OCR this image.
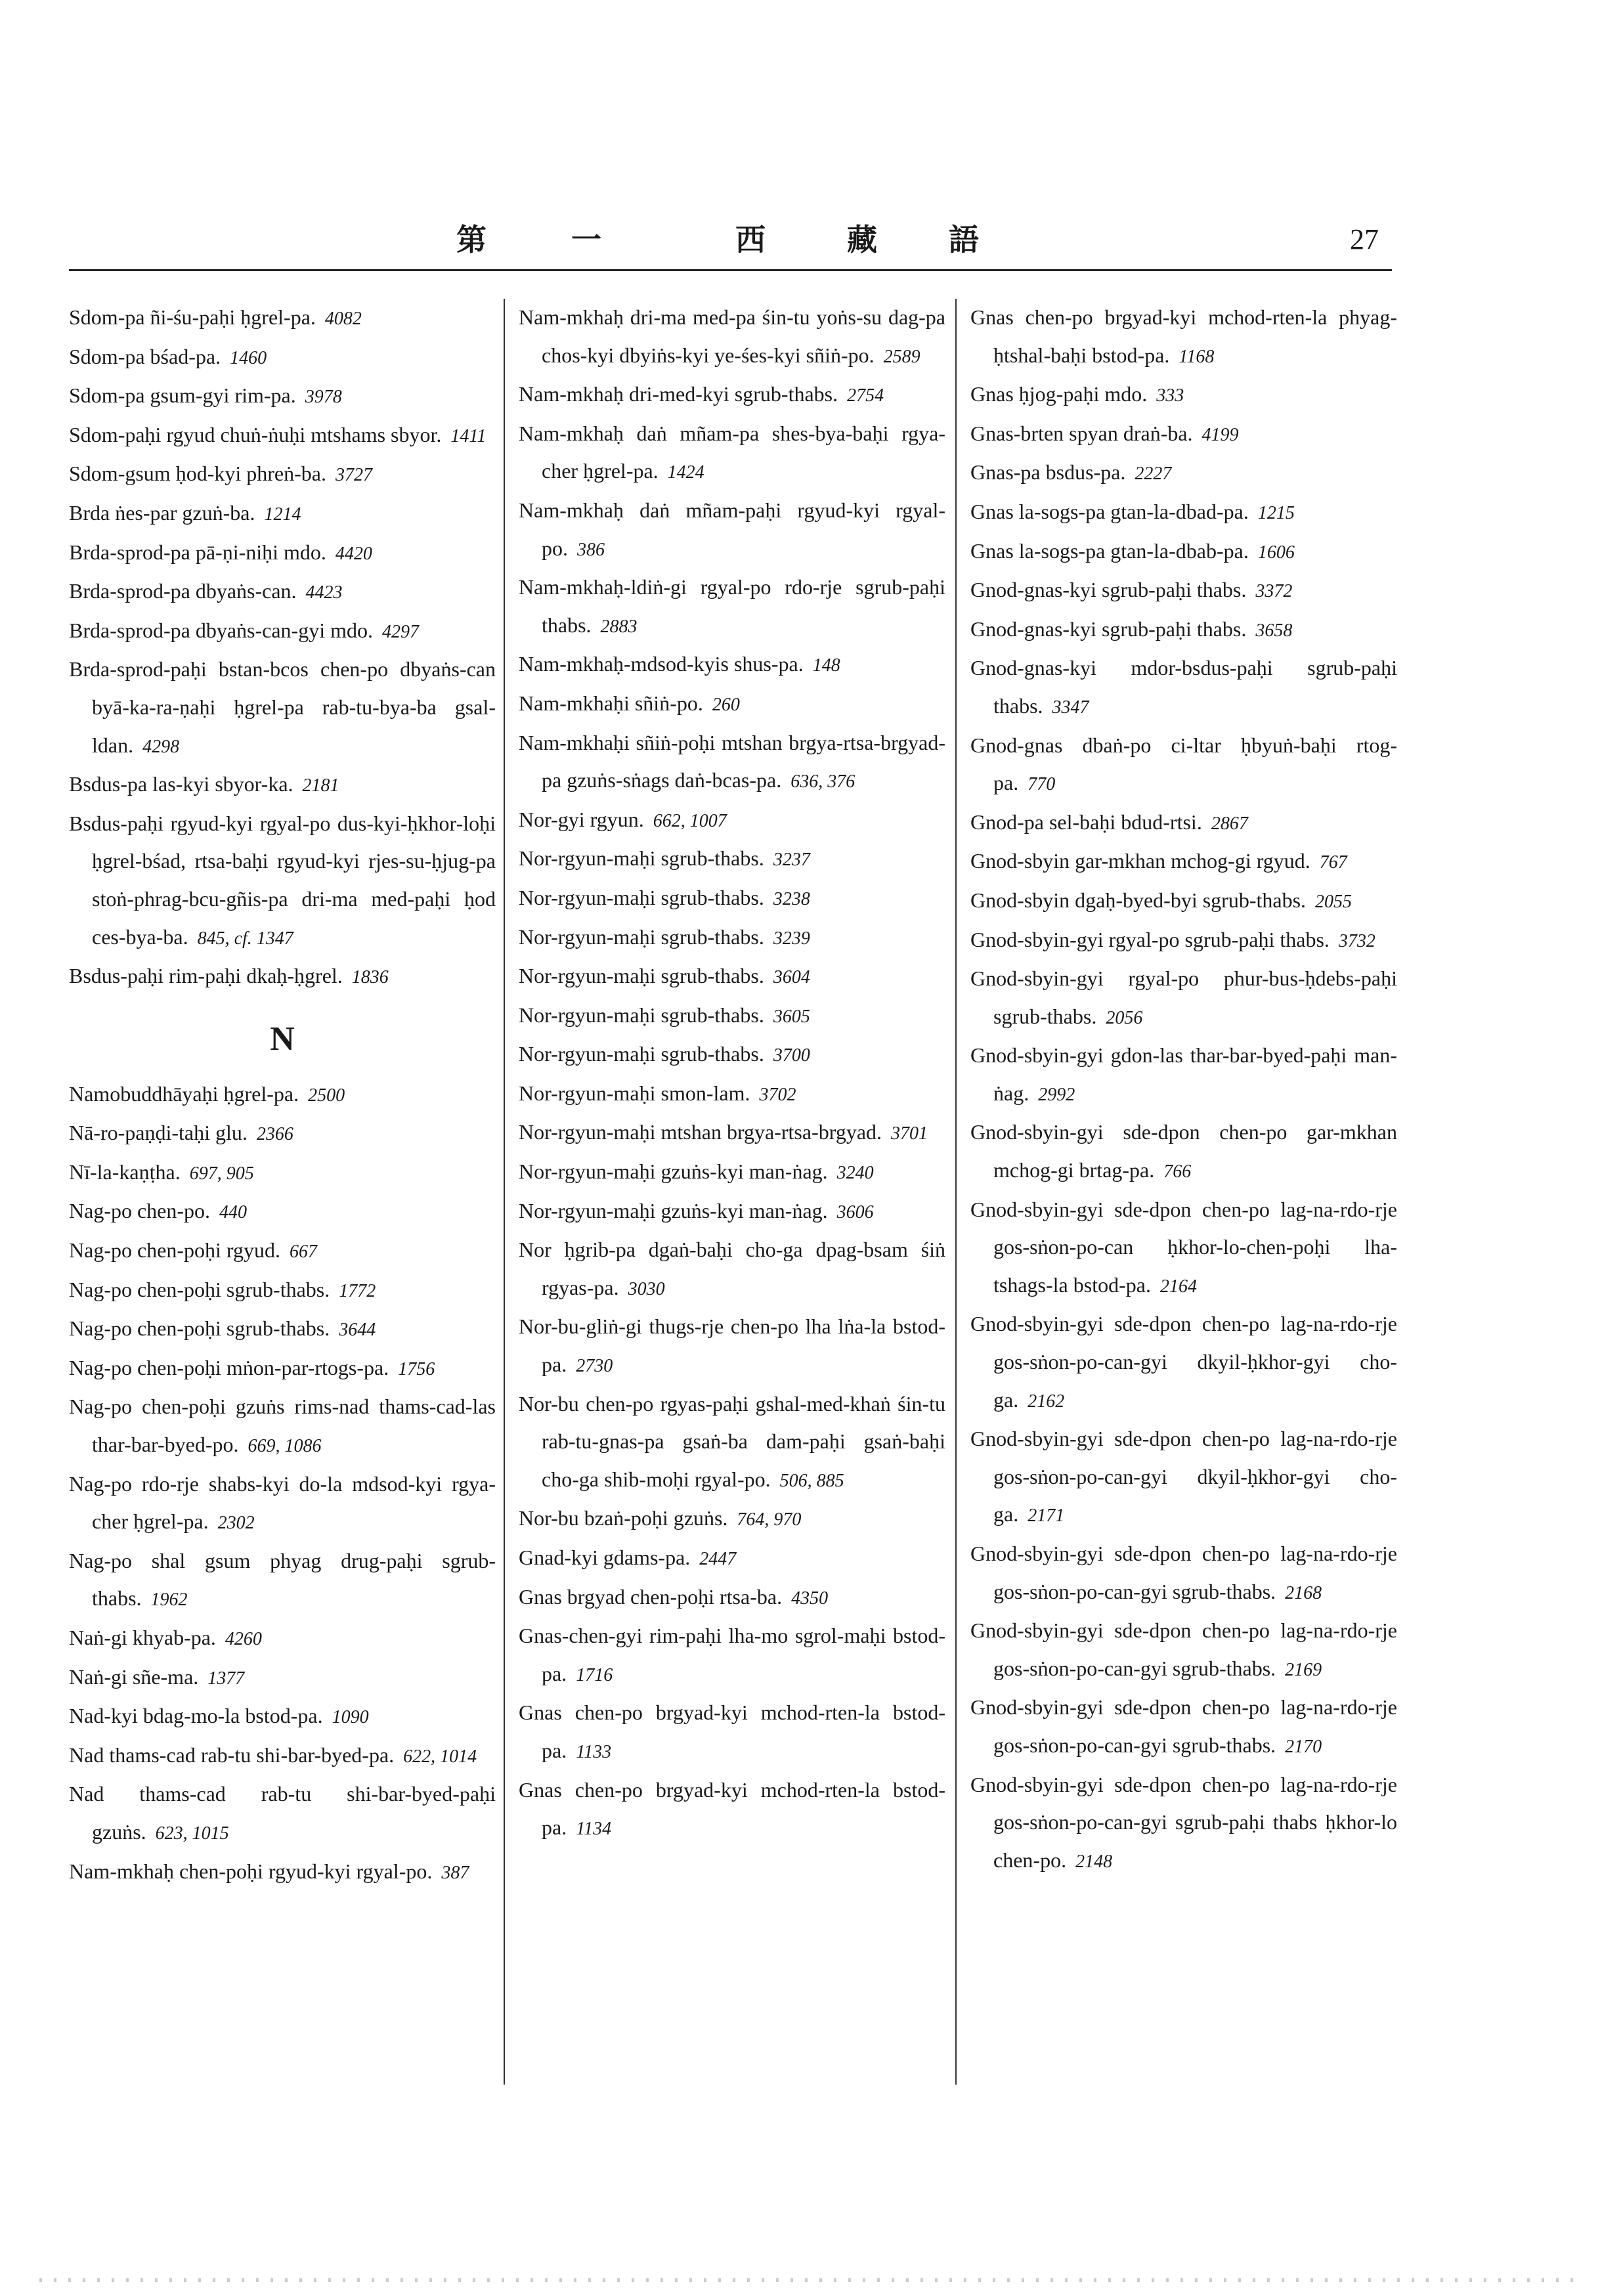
第	一	西	藏 語	27
Sdom-pa ñi-śu-paḥi ḥgrel-pa. 4082
Sdom-pa bśad-pa. 1460
Sdom-pa gsum-gyi rim-pa. 3978
Sdom-paḥi rgyud chuṅ-ṅuḥi mtshams sbyor. 1411
Sdom-gsum ḥod-kyi phreṅ-ba. 3727
Brda ṅes-par gzuṅ-ba. 1214
Brda-sprod-pa pā-ṇi-niḥi mdo. 4420
Brda-sprod-pa dbyaṅs-can. 4423
Brda-sprod-pa dbyaṅs-can-gyi mdo. 4297
Brda-sprod-paḥi bstan-bcos chen-po dbyaṅs-can byā-ka-ra-ṇaḥi ḥgrel-pa rab-tu-bya-ba gsal-ldan. 4298
Bsdus-pa las-kyi sbyor-ka. 2181
Bsdus-paḥi rgyud-kyi rgyal-po dus-kyi-ḥkhor-loḥi ḥgrel-bśad, rtsa-baḥi rgyud-kyi rjes-su-ḥjug-pa stoṅ-phrag-bcu-gñis-pa dri-ma med-paḥi ḥod ces-bya-ba. 845, cf. 1347
Bsdus-paḥi rim-paḥi dkaḥ-ḥgrel. 1836
N
Namobuddhāyaḥi ḥgrel-pa. 2500
Nā-ro-paṇḍi-taḥi glu. 2366
Nī-la-kaṇṭha. 697, 905
Nag-po chen-po. 440
Nag-po chen-poḥi rgyud. 667
Nag-po chen-poḥi sgrub-thabs. 1772
Nag-po chen-poḥi sgrub-thabs. 3644
Nag-po chen-poḥi mṅon-par-rtogs-pa. 1756
Nag-po chen-poḥi gzuṅs rims-nad thams-cad-las thar-bar-byed-po. 669, 1086
Nag-po rdo-rje shabs-kyi do-la mdsod-kyi rgya-cher ḥgrel-pa. 2302
Nag-po shal gsum phyag drug-paḥi sgrub-thabs. 1962
Naṅ-gi khyab-pa. 4260
Naṅ-gi sñe-ma. 1377
Nad-kyi bdag-mo-la bstod-pa. 1090
Nad thams-cad rab-tu shi-bar-byed-pa. 622, 1014
Nad thams-cad rab-tu shi-bar-byed-paḥi gzuṅs. 623, 1015
Nam-mkhaḥ chen-poḥi rgyud-kyi rgyal-po. 387
Nam-mkhaḥ dri-ma med-pa śin-tu yoṅs-su dag-pa chos-kyi dbyiṅs-kyi ye-śes-kyi sñiṅ-po. 2589
Nam-mkhaḥ dri-med-kyi sgrub-thabs. 2754
Nam-mkhaḥ daṅ mñam-pa shes-bya-baḥi rgya-cher ḥgrel-pa. 1424
Nam-mkhaḥ daṅ mñam-paḥi rgyud-kyi rgyal-po. 386
Nam-mkhaḥ-ldiṅ-gi rgyal-po rdo-rje sgrub-paḥi thabs. 2883
Nam-mkhaḥ-mdsod-kyis shus-pa. 148
Nam-mkhaḥi sñiṅ-po. 260
Nam-mkhaḥi sñiṅ-poḥi mtshan brgya-rtsa-brgyad-pa gzuṅs-sṅags daṅ-bcas-pa. 636, 376
Nor-gyi rgyun. 662, 1007
Nor-rgyun-maḥi sgrub-thabs. 3237
Nor-rgyun-maḥi sgrub-thabs. 3238
Nor-rgyun-maḥi sgrub-thabs. 3239
Nor-rgyun-maḥi sgrub-thabs. 3604
Nor-rgyun-maḥi sgrub-thabs. 3605
Nor-rgyun-maḥi sgrub-thabs. 3700
Nor-rgyun-maḥi smon-lam. 3702
Nor-rgyun-maḥi mtshan brgya-rtsa-brgyad. 3701
Nor-rgyun-maḥi gzuṅs-kyi man-ṅag. 3240
Nor-rgyun-maḥi gzuṅs-kyi man-ṅag. 3606
Nor ḥgrib-pa dgaṅ-baḥi cho-ga dpag-bsam śiṅ rgyas-pa. 3030
Nor-bu-gliṅ-gi thugs-rje chen-po lha lṅa-la bstod-pa. 2730
Nor-bu chen-po rgyas-paḥi gshal-med-khaṅ śin-tu rab-tu-gnas-pa gsaṅ-ba dam-paḥi gsaṅ-baḥi cho-ga shib-moḥi rgyal-po. 506, 885
Nor-bu bzaṅ-poḥi gzuṅs. 764, 970
Gnad-kyi gdams-pa. 2447
Gnas brgyad chen-poḥi rtsa-ba. 4350
Gnas-chen-gyi rim-paḥi lha-mo sgrol-maḥi bstod-pa. 1716
Gnas chen-po brgyad-kyi mchod-rten-la bstod-pa. 1133
Gnas chen-po brgyad-kyi mchod-rten-la bstod-pa. 1134
Gnas chen-po brgyad-kyi mchod-rten-la phyag-ḥtshal-baḥi bstod-pa. 1168
Gnas ḥjog-paḥi mdo. 333
Gnas-brten spyan draṅ-ba. 4199
Gnas-pa bsdus-pa. 2227
Gnas la-sogs-pa gtan-la-dbad-pa. 1215
Gnas la-sogs-pa gtan-la-dbab-pa. 1606
Gnod-gnas-kyi sgrub-paḥi thabs. 3372
Gnod-gnas-kyi sgrub-paḥi thabs. 3658
Gnod-gnas-kyi mdor-bsdus-paḥi sgrub-paḥi thabs. 3347
Gnod-gnas dbaṅ-po ci-ltar ḥbyuṅ-baḥi rtog-pa. 770
Gnod-pa sel-baḥi bdud-rtsi. 2867
Gnod-sbyin gar-mkhan mchog-gi rgyud. 767
Gnod-sbyin dgaḥ-byed-byi sgrub-thabs. 2055
Gnod-sbyin-gyi rgyal-po sgrub-paḥi thabs. 3732
Gnod-sbyin-gyi rgyal-po phur-bus-ḥdebs-paḥi sgrub-thabs. 2056
Gnod-sbyin-gyi gdon-las thar-bar-byed-paḥi man-ṅag. 2992
Gnod-sbyin-gyi sde-dpon chen-po gar-mkhan mchog-gi brtag-pa. 766
Gnod-sbyin-gyi sde-dpon chen-po lag-na-rdo-rje gos-sṅon-po-can ḥkhor-lo-chen-poḥi lha-tshags-la bstod-pa. 2164
Gnod-sbyin-gyi sde-dpon chen-po lag-na-rdo-rje gos-sṅon-po-can-gyi dkyil-ḥkhor-gyi cho-ga. 2162
Gnod-sbyin-gyi sde-dpon chen-po lag-na-rdo-rje gos-sṅon-po-can-gyi dkyil-ḥkhor-gyi cho-ga. 2171
Gnod-sbyin-gyi sde-dpon chen-po lag-na-rdo-rje gos-sṅon-po-can-gyi sgrub-thabs. 2168
Gnod-sbyin-gyi sde-dpon chen-po lag-na-rdo-rje gos-sṅon-po-can-gyi sgrub-thabs. 2169
Gnod-sbyin-gyi sde-dpon chen-po lag-na-rdo-rje gos-sṅon-po-can-gyi sgrub-thabs. 2170
Gnod-sbyin-gyi sde-dpon chen-po lag-na-rdo-rje gos-sṅon-po-can-gyi sgrub-paḥi thabs ḥkhor-lo chen-po. 2148
